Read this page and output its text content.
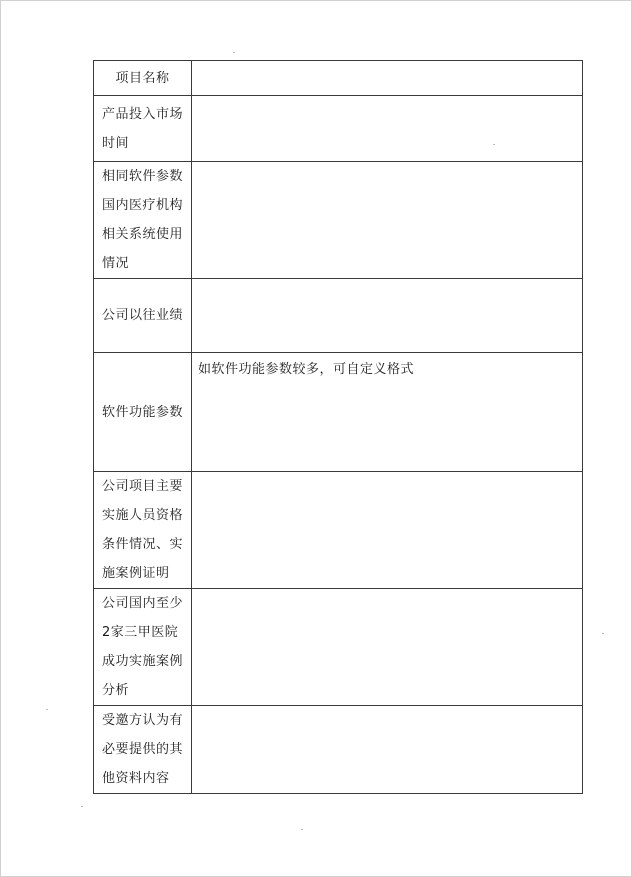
项目名称	

产品投入市场
时间	

相同软件参数
国内医疗机构
相关系统使用
情况	

公司以往业绩	

软件功能参数	如软件功能参数较多，可自定义格式

公司项目主要
实施人员资格
条件情况、实
施案例证明	

公司国内至少
2家三甲医院
成功实施案例
分析	

受邀方认为有
必要提供的其
他资料内容	
